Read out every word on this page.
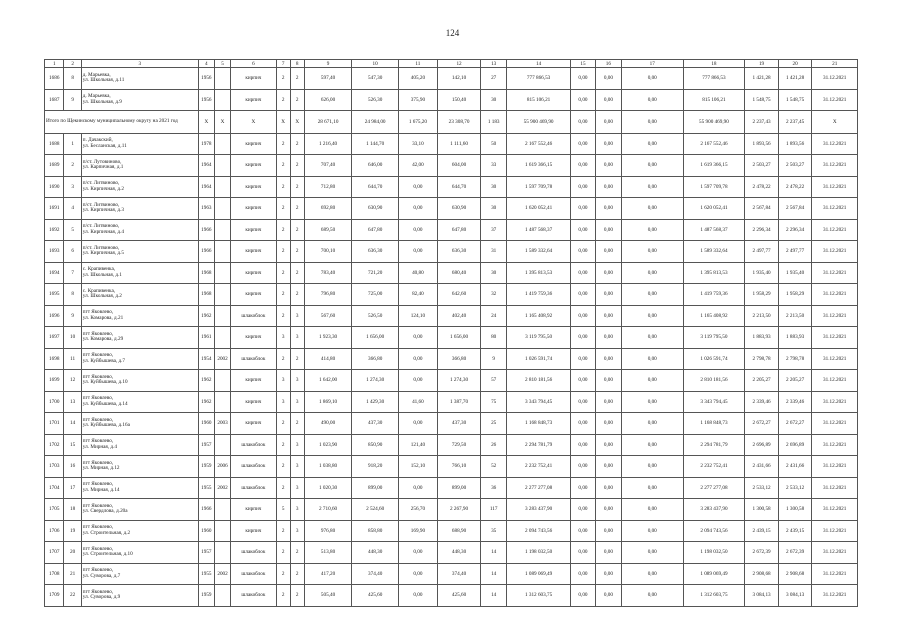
124
1	2	3	4	5	6	7	8	9	10	11	12	13	14	15	16	17	18	19	20	21
1686	8	д. Марьевка,
ул. Школьная, д.11	1956		кирпич	2	2	597,40	547,30	405,20	142,10	27	777 866,53	0,00	0,00	0,00	777 866,53	1 421,28	1 421,28	31.12.2021
1687	9	д. Марьевка,
ул. Школьная, д.9	1956		кирпич	2	2	626,00	526,30	375,90	150,40	30	815 106,21	0,00	0,00	0,00	815 106,21	1 548,75	1 548,75	31.12.2021
Итого по Щекинскому муниципальному округу на 2021 год			X	X	X	X	X	28 671,10	24 984,00	1 675,20	23 308,70	1 183	55 900 469,90	0,00	0,00	0,00	55 900 469,90	2 237,43	2 237,45	X
1688	1	п. Дачакский,
ул. Бесланская, д.11	1978		кирпич	2	2	1 216,40	1 144,70	33,10	1 111,60	50	2 167 552,46	0,00	0,00	0,00	2 167 552,46	1 893,56	1 893,56	31.12.2021
1689	2	п/ст. Лутовиново,
ул. Карпичная, д.1	1964		кирпич	2	2	707,40	646,00	42,00	604,00	33	1 619 366,15	0,00	0,00	0,00	1 619 366,15	2 503,27	2 503,27	31.12.2021
1690	3	п/ст. Литвиново,
ул. Кирпичная, д.2	1964		кирпич	2	2	712,80	644,70	0,00	644,70	30	1 597 709,78	0,00	0,00	0,00	1 597 709,78	2 478,22	2 478,22	31.12.2021
1691	4	п/ст. Литвиново,
ул. Кирпичная, д.3	1963		кирпич	2	2	692,80	630,90	0,00	630,90	30	1 620 052,41	0,00	0,00	0,00	1 620 052,41	2 567,84	2 567,84	31.12.2021
1692	5	п/ст. Литвиново,
ул. Кирпичная, д.4	1966		кирпич	2	2	689,50	647,80	0,00	647,80	37	1 487 568,37	0,00	0,00	0,00	1 487 568,37	2 296,34	2 296,34	31.12.2021
1693	6	п/ст. Литвиново,
ул. Кирпичная, д.5	1966		кирпич	2	2	700,10	636,30	0,00	636,30	31	1 589 332,64	0,00	0,00	0,00	1 589 332,64	2 497,77	2 497,77	31.12.2021
1694	7	с. Крапивенка,
ул. Школьная, д.1	1968		кирпич	2	2	783,40	721,20	40,80	680,40	30	1 395 813,53	0,00	0,00	0,00	1 395 813,53	1 935,40	1 935,40	31.12.2021
1695	8	с. Крапивенка,
ул. Школьная, д.2	1968		кирпич	2	2	796,80	725,00	82,40	642,60	32	1 419 759,36	0,00	0,00	0,00	1 419 759,36	1 958,29	1 958,29	31.12.2021
1696	9	пгт Яковлево,
ул. Комарова, д.21	1962		шлакоблок	2	3	567,60	526,50	124,10	402,40	24	1 165 408,92	0,00	0,00	0,00	1 165 408,92	2 213,50	2 213,50	31.12.2021
1697	10	пгт Яковлево,
ул. Комарова, д.29	1961		кирпич	3	3	1 923,30	1 656,00	0,00	1 656,00	80	3 119 795,50	0,00	0,00	0,00	3 119 795,50	1 883,93	1 883,93	31.12.2021
1698	11	пгт Яковлево,
ул. Куйбышева, д.7	1954	2002	шлакоблок	2	2	414,80	366,80	0,00	366,80	9	1 026 591,74	0,00	0,00	0,00	1 026 591,74	2 798,78	2 798,78	31.12.2021
1699	12	пгт Яковлево,
ул. Куйбышева, д.10	1962		кирпич	3	3	1 642,00	1 274,30	0,00	1 274,30	57	2 810 181,56	0,00	0,00	0,00	2 810 181,56	2 205,27	2 205,27	31.12.2021
1700	13	пгт Яковлево,
ул. Куйбышева, д.14	1962		кирпич	3	3	1 869,10	1 429,30	41,60	1 387,70	75	3 343 794,45	0,00	0,00	0,00	3 343 794,45	2 339,46	2 339,46	31.12.2021
1701	14	пгт Яковлево,
ул. Куйбышева, д.16а	1960	2003	кирпич	2	2	490,00	437,30	0,00	437,30	25	1 168 848,73	0,00	0,00	0,00	1 168 848,73	2 672,27	2 672,27	31.12.2021
1702	15	пгт Яковлево,
ул. Мирная, д.4	1957		шлакоблок	2	3	1 023,90	850,90	121,40	729,50	26	2 294 781,79	0,00	0,00	0,00	2 294 781,79	2 696,89	2 696,89	31.12.2021
1703	16	пгт Яковлево,
ул. Мирная, д.12	1959	2006	шлакоблок	2	3	1 038,80	918,20	152,10	766,10	52	2 232 752,41	0,00	0,00	0,00	2 232 752,41	2 431,66	2 431,66	31.12.2021
1704	17	пгт Яковлево,
ул. Мирная, д.14	1955	2002	шлакоблок	2	3	1 020,30	899,00	0,00	899,00	36	2 277 277,08	0,00	0,00	0,00	2 277 277,08	2 533,12	2 533,12	31.12.2021
1705	18	пгт Яковлево,
ул. Свердлова, д.20а	1966		кирпич	5	3	2 710,60	2 524,60	256,70	2 267,90	117	3 283 437,90	0,00	0,00	0,00	3 283 437,90	1 300,58	1 300,58	31.12.2021
1706	19	пгт Яковлево,
ул. Строительная, д.2	1960		кирпич	2	3	976,80	858,80	169,90	688,90	35	2 094 743,56	0,00	0,00	0,00	2 094 743,56	2 439,15	2 439,15	31.12.2021
1707	20	пгт Яковлево,
ул. Строительная, д.10	1957		шлакоблок	2	2	513,80	448,30	0,00	448,30	14	1 198 032,50	0,00	0,00	0,00	1 198 032,50	2 672,39	2 672,39	31.12.2021
1708	21	пгт Яковлево,
ул. Суворова, д.7	1955	2002	шлакоблок	2	2	417,20	374,40	0,00	374,40	14	1 089 069,49	0,00	0,00	0,00	1 089 069,49	2 908,68	2 908,68	31.12.2021
1709	22	пгт Яковлево,
ул. Суворова, д.9	1959		шлакоблок	2	2	505,40	425,60	0,00	425,60	14	1 312 603,75	0,00	0,00	0,00	1 312 603,75	3 084,13	3 084,13	31.12.2021
